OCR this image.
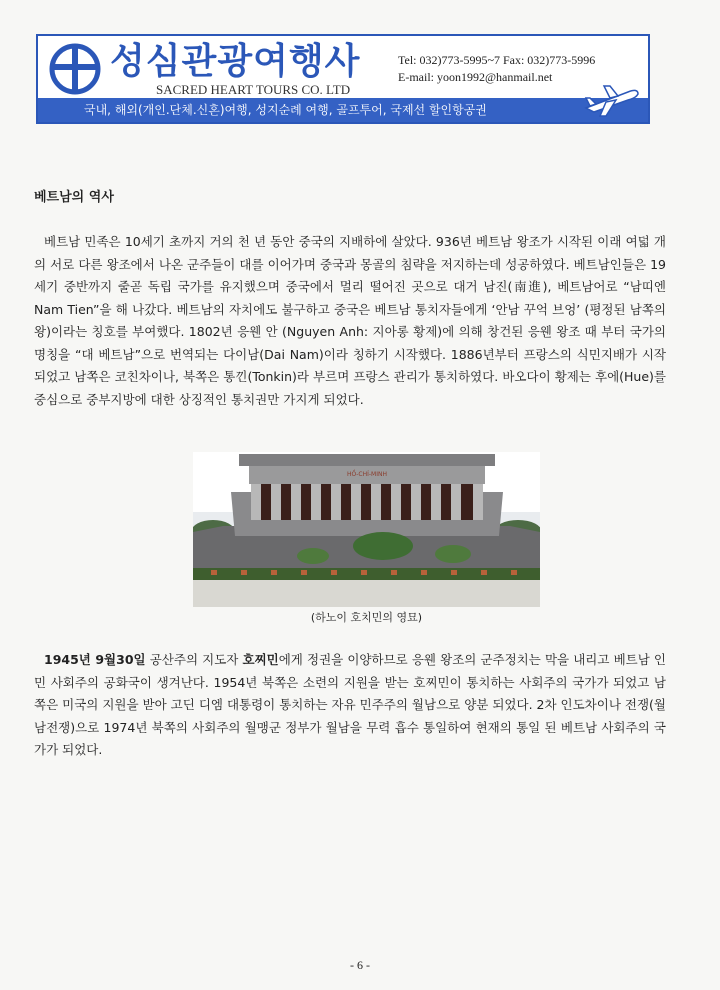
성심관광여행사
SACRED HEART TOURS CO. LTD
Tel: 032)773-5995~7 Fax: 032)773-5996
E-mail: yoon1992@hanmail.net
국내, 해외(개인.단체.신혼)여행, 성지순례 여행, 골프투어, 국제선 할인항공권
베트남의 역사

베트남 민족은 10세기 초까지 거의 천 년 동안 중국의 지배하에 살았다. 936년 베트남 왕조가 시작된 이래 여덟 개의 서로 다른 왕조에서 나온 군주들이 대를 이어가며 중국과 몽골의 침략을 저지하는데 성공하였다. 베트남인들은 19세기 중반까지 줄곧 독립 국가를 유지했으며 중국에서 멀리 떨어진 곳으로 대거 남진(南進), 베트남어로 “남띠엔Nam Tien”을 해 나갔다. 베트남의 자치에도 불구하고 중국은 베트남 통치자들에게 ‘안남 꾸억 브엉’ (평정된 남쪽의 왕)이라는 칭호를 부여했다. 1802년 응웬 안 (Nguyen Anh: 지아롱 황제)에 의해 창건된 응웬 왕조 때 부터 국가의 명칭을 “대 베트남”으로 번역되는 다이남(Dai Nam)이라 칭하기 시작했다. 1886년부터 프랑스의 식민지배가 시작되었고 남쪽은 코친차이나, 북쪽은 통낀(Tonkin)라 부르며 프랑스 관리가 통치하였다. 바오다이 황제는 후에(Hue)를 중심으로 중부지방에 대한 상징적인 통치권만 가지게 되었다.

HỒ-CHÍ-MINH
(하노이 호치민의 영묘)

1945년 9월30일 공산주의 지도자 호찌민에게 정권을 이양하므로 응웬 왕조의 군주정치는 막을 내리고 베트남 인민 사회주의 공화국이 생겨난다. 1954년 북쪽은 소련의 지원을 받는 호찌민이 통치하는 사회주의 국가가 되었고 남쪽은 미국의 지원을 받아 고딘 디엠 대통령이 통치하는 자유 민주주의 월남으로 양분 되었다. 2차 인도차이나 전쟁(월남전쟁)으로 1974년 북쪽의 사회주의 월맹군 정부가 월남을 무력 흡수 통일하여 현재의 통일 된 베트남 사회주의 국가가 되었다.

- 6 -
